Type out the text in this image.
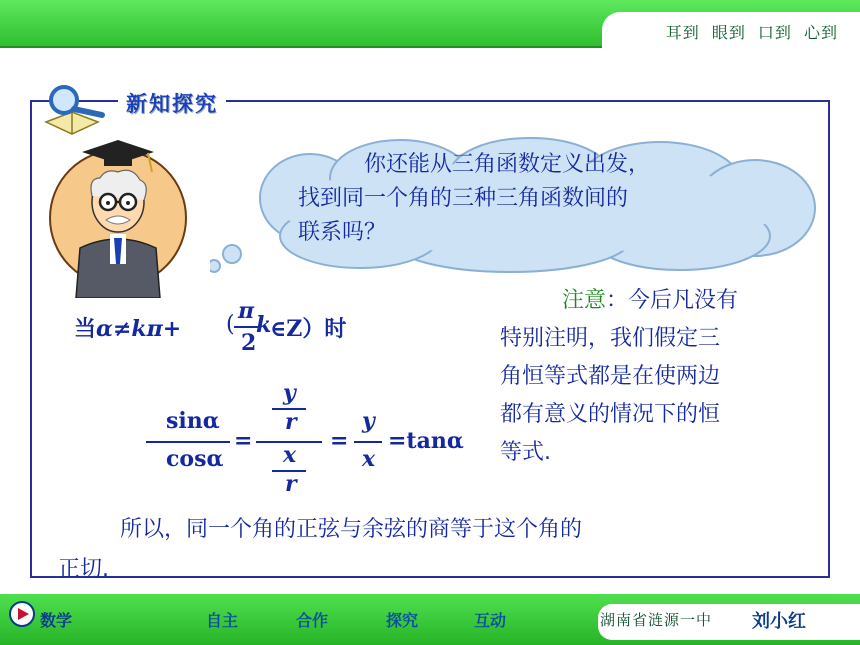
耳到 眼到 口到 心到
新知探究

你还能从三角函数定义出发，

找到同一个角的三种三角函数间的

联系吗？

当α≠kπ+
π
2
( k
∈Z）时
sinα
cosα
=
y
r
x
r
=
y
x
=tanα

注意：今后凡没有

特别注明，我们假定三

角恒等式都是在使两边

都有意义的情况下的恒

等式.

所以，同一个角的正弦与余弦的商等于这个角的

正切.

数学	自主	合作	探究	互动	湖南省涟源一中 刘小红
